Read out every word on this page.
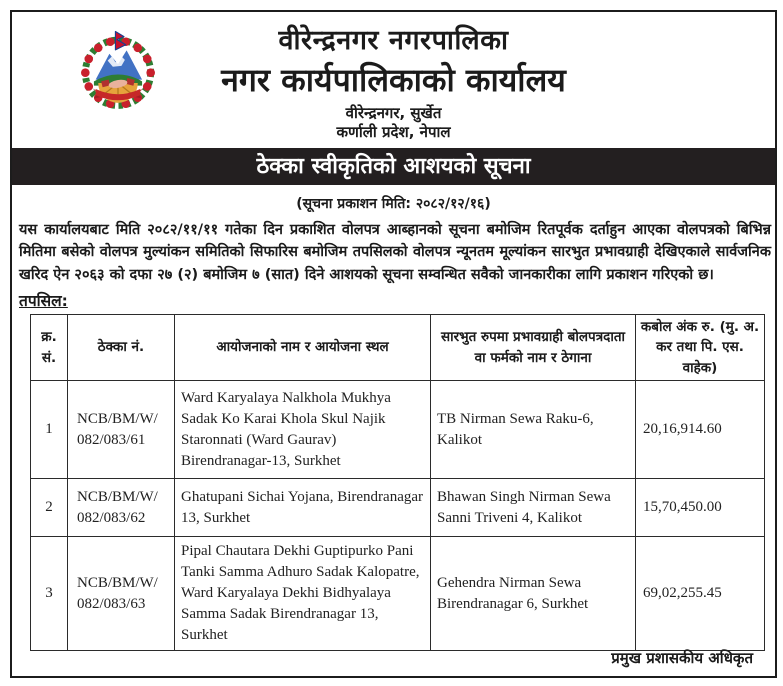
वीरेन्द्रनगर नगरपालिका
नगर कार्यपालिकाको कार्यालय
वीरेन्द्रनगर, सुर्खेत
कर्णाली प्रदेश, नेपाल
ठेक्का स्वीकृतिको आशयको सूचना
(सूचना प्रकाशन मिति: २०८२/१२/१६)
यस कार्यालयबाट मिति २०८२/११/११ गतेका दिन प्रकाशित वोलपत्र आब्हानको सूचना बमोजिम रितपूर्वक दर्ताहुन आएका वोलपत्रको बिभिन्न मितिमा बसेको वोलपत्र मुल्यांकन समितिको सिफारिस बमोजिम तपसिलको वोलपत्र न्यूनतम मूल्यांकन सारभुत प्रभावग्राही देखिएकाले सार्वजनिक खरिद ऐन २०६३ को दफा २७ (२) बमोजिम ७ (सात) दिने आशयको सूचना सम्वन्धित सवैको जानकारीका लागि प्रकाशन गरिएको छ।
तपसिल:
क्र. सं.	ठेक्का नं.	आयोजनाको नाम र आयोजना स्थल	सारभुत रुपमा प्रभावग्राही बोलपत्रदाता वा फर्मको नाम र ठेगाना	कबोल अंक रु. (मु. अ. कर तथा पि. एस. वाहेक)
1	NCB/BM/W/ 082/083/61	Ward Karyalaya Nalkhola Mukhya Sadak Ko Karai Khola Skul Najik Staronnati (Ward Gaurav) Birendranagar-13, Surkhet	TB Nirman Sewa Raku-6, Kalikot	20,16,914.60
2	NCB/BM/W/ 082/083/62	Ghatupani Sichai Yojana, Birendranagar 13, Surkhet	Bhawan Singh Nirman Sewa Sanni Triveni 4, Kalikot	15,70,450.00
3	NCB/BM/W/ 082/083/63	Pipal Chautara Dekhi Guptipurko Pani Tanki Samma Adhuro Sadak Kalopatre, Ward Karyalaya Dekhi Bidhyalaya Samma Sadak Birendranagar 13, Surkhet	Gehendra Nirman Sewa Birendranagar 6, Surkhet	69,02,255.45
प्रमुख प्रशासकीय अधिकृत
